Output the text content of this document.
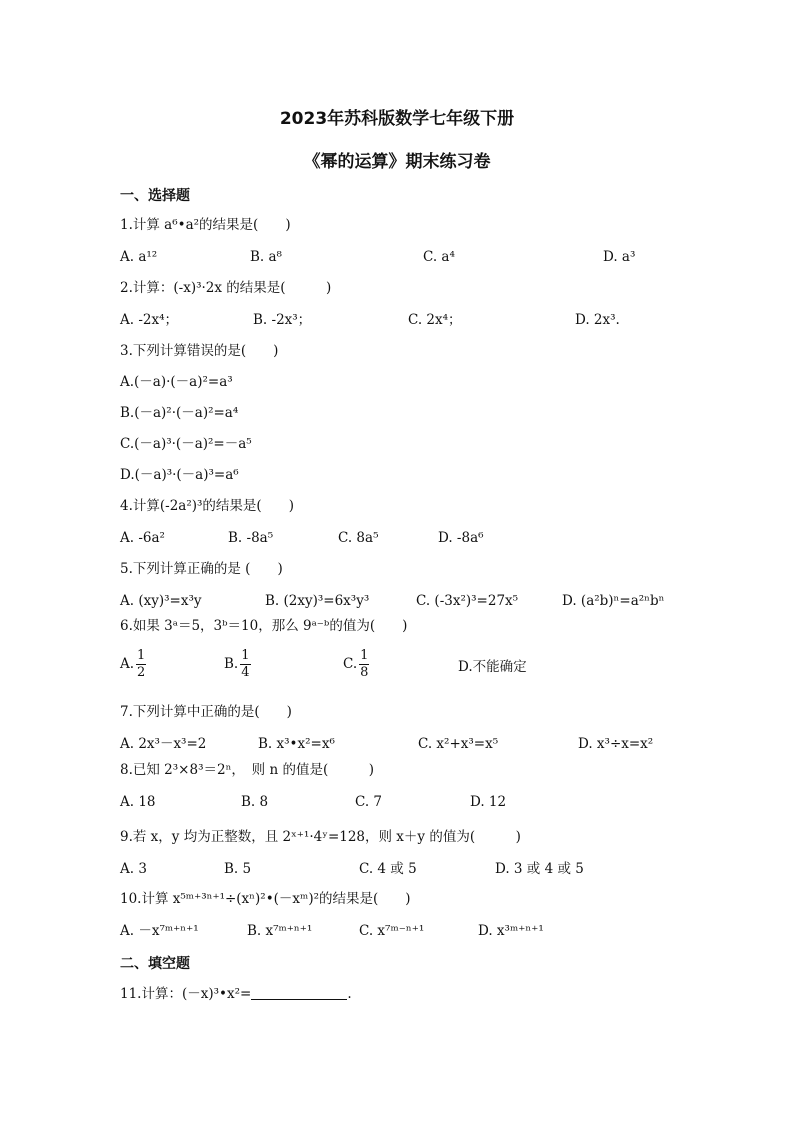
2023年苏科版数学七年级下册
《幂的运算》期末练习卷
一、选择题
1.计算 a⁶•a²的结果是(　　)
A. a¹²	B. a⁸	C. a⁴	D. a³
2.计算：(-x)³·2x 的结果是(　　　)
A. -2x⁴；	B. -2x³；	C. 2x⁴；	D. 2x³.
3.下列计算错误的是(　　)
A.(－a)·(－a)²=a³
B.(－a)²·(－a)²=a⁴
C.(－a)³·(－a)²=－a⁵
D.(－a)³·(－a)³=a⁶
4.计算(-2a²)³的结果是(　　)
A. -6a²	B. -8a⁵	C. 8a⁵	D. -8a⁶
5.下列计算正确的是 (　　)
A. (xy)³=x³y	B. (2xy)³=6x³y³	C. (-3x²)³=27x⁵	D. (a²b)ⁿ=a²ⁿbⁿ
6.如果 3ᵃ＝5，3ᵇ＝10，那么 9ᵃ⁻ᵇ的值为(　　)
A. $\frac{1}{2}$	B. $\frac{1}{4}$	C. $\frac{1}{8}$	D.不能确定
7.下列计算中正确的是(　　)
A. 2x³－x³=2	B. x³•x²=x⁶	C. x²+x³=x⁵	D. x³÷x=x²
8.已知 2³×8³＝2ⁿ，　则 n 的值是(　　　)
A. 18	B. 8	C. 7	D. 12
9.若 x，y 均为正整数，且 2ˣ⁺¹·4ʸ=128，则 x＋y 的值为(　　　)
A. 3	B. 5	C. 4 或 5	D. 3 或 4 或 5
10.计算 x⁵ᵐ⁺³ⁿ⁺¹÷(xⁿ)²•(－xᵐ)²的结果是(　　)
A. －x⁷ᵐ⁺ⁿ⁺¹	B. x⁷ᵐ⁺ⁿ⁺¹	C. x⁷ᵐ⁻ⁿ⁺¹	D. x³ᵐ⁺ⁿ⁺¹
二、填空题
11.计算：(－x)³•x²=	.
